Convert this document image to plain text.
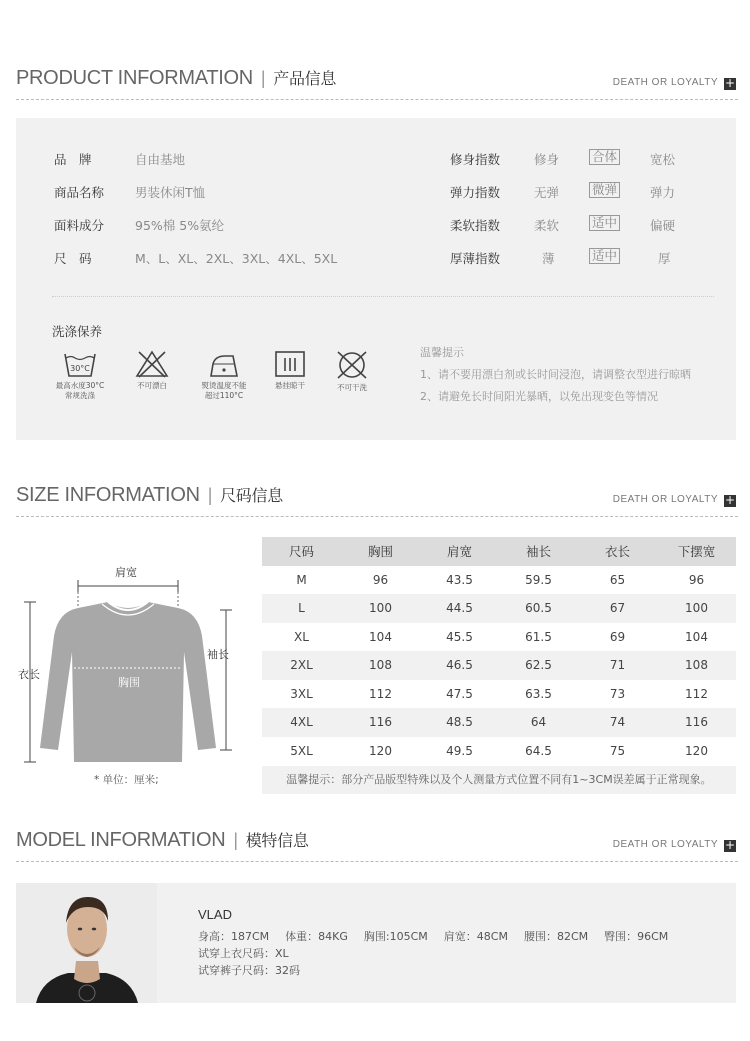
PRODUCT INFORMATION | 产品信息	DEATH OR LOYALTY +
品　牌	自由基地
商品名称 男装休闲T恤
面料成分 95%棉 5%氨纶
尺　码	M、L、XL、2XL、3XL、4XL、5XL
修身指数	修身	合体	宽松
弹力指数	无弹	微弹	弹力
柔软指数	柔软	适中	偏硬
厚薄指数	薄	适中	厚
洗涤保养
30°C
最高水度30°C
常规洗涤
不可漂白	熨烫温度不能
超过110°C
悬挂晾干	不可干洗
温馨提示
1、请不要用漂白剂或长时间浸泡，请调整衣型进行晾晒
2、请避免长时间阳光暴晒，以免出现变色等情况
SIZE INFORMATION | 尺码信息	DEATH OR LOYALTY +
肩宽
袖长
衣长
胸围
* 单位：厘米;
尺码	胸围	肩宽	袖长	衣长	下摆宽
M	96	43.5	59.5	65	96
L	100	44.5	60.5	67	100
XL	104	45.5	61.5	69	104
2XL	108	46.5	62.5	71	108
3XL	112	47.5	63.5	73	112
4XL	116	48.5	64	74	116
5XL	120	49.5	64.5	75	120
温馨提示：部分产品版型特殊以及个人测量方式位置不同有1~3CM误差属于正常现象。
MODEL INFORMATION | 模特信息	DEATH OR LOYALTY +
VLAD
身高：187CM 体重：84KG 胸围:105CM 肩宽：48CM 腰围：82CM 臀围：96CM
试穿上衣尺码：XL
试穿裤子尺码：32码
